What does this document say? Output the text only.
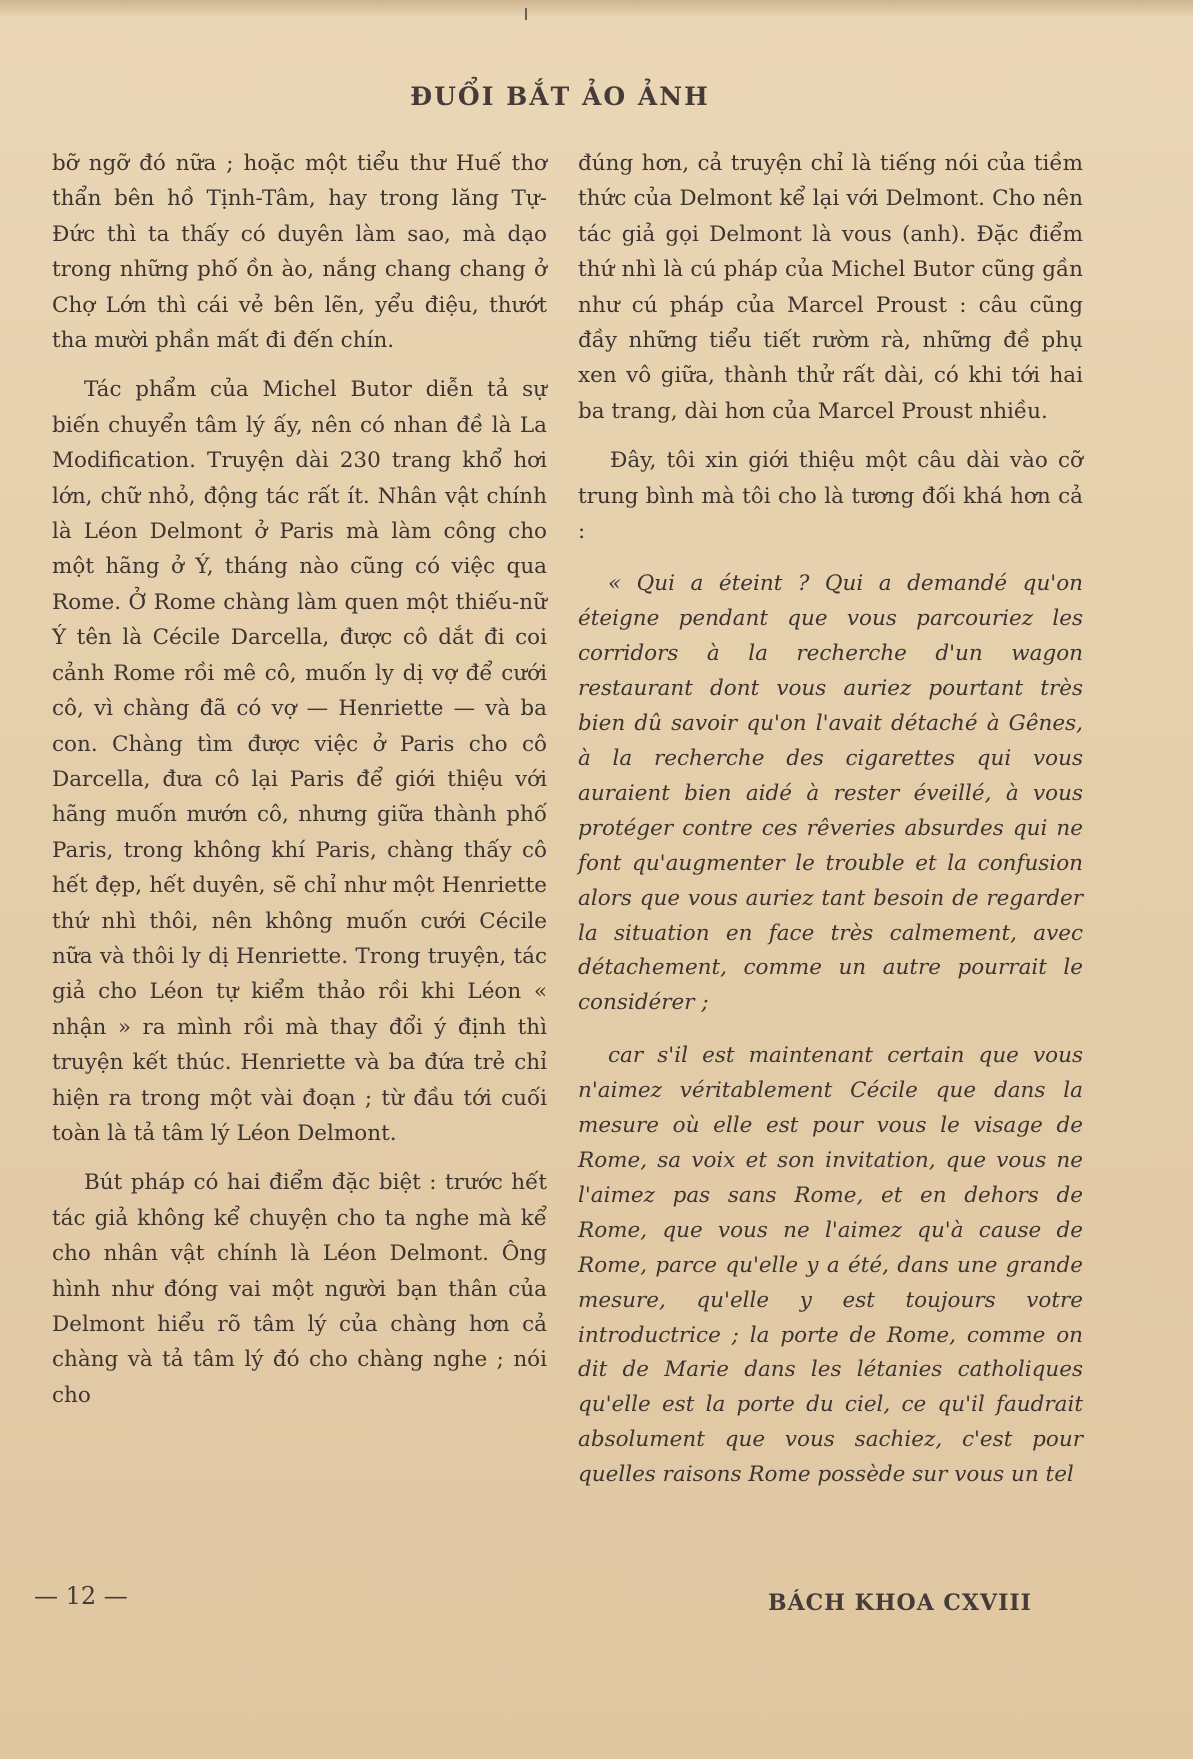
ĐUỔI BẮT ẢO ẢNH

bỡ ngỡ đó nữa ; hoặc một tiểu thư Huế thơ thẩn bên hồ Tịnh-Tâm, hay trong lăng Tự-Đức thì ta thấy có duyên làm sao, mà dạo trong những phố ồn ào, nắng chang chang ở Chợ Lớn thì cái vẻ bên lẽn, yểu điệu, thướt tha mười phần mất đi đến chín.

Tác phẩm của Michel Butor diễn tả sự biến chuyển tâm lý ấy, nên có nhan đề là La Modification. Truyện dài 230 trang khổ hơi lớn, chữ nhỏ, động tác rất ít. Nhân vật chính là Léon Delmont ở Paris mà làm công cho một hãng ở Ý, tháng nào cũng có việc qua Rome. Ở Rome chàng làm quen một thiếu-nữ Ý tên là Cécile Darcella, được cô dắt đi coi cảnh Rome rồi mê cô, muốn ly dị vợ để cưới cô, vì chàng đã có vợ — Henriette — và ba con. Chàng tìm được việc ở Paris cho cô Darcella, đưa cô lại Paris để giới thiệu với hãng muốn mướn cô, nhưng giữa thành phố Paris, trong không khí Paris, chàng thấy cô hết đẹp, hết duyên, sẽ chỉ như một Henriette thứ nhì thôi, nên không muốn cưới Cécile nữa và thôi ly dị Henriette. Trong truyện, tác giả cho Léon tự kiểm thảo rồi khi Léon « nhận » ra mình rồi mà thay đổi ý định thì truyện kết thúc. Henriette và ba đứa trẻ chỉ hiện ra trong một vài đoạn ; từ đầu tới cuối toàn là tả tâm lý Léon Delmont.

Bút pháp có hai điểm đặc biệt : trước hết tác giả không kể chuyện cho ta nghe mà kể cho nhân vật chính là Léon Delmont. Ông hình như đóng vai một người bạn thân của Delmont hiểu rõ tâm lý của chàng hơn cả chàng và tả tâm lý đó cho chàng nghe ; nói cho

đúng hơn, cả truyện chỉ là tiếng nói của tiềm thức của Delmont kể lại với Delmont. Cho nên tác giả gọi Delmont là vous (anh). Đặc điểm thứ nhì là cú pháp của Michel Butor cũng gần như cú pháp của Marcel Proust : câu cũng đầy những tiểu tiết rườm rà, những đề phụ xen vô giữa, thành thử rất dài, có khi tới hai ba trang, dài hơn của Marcel Proust nhiều.

Đây, tôi xin giới thiệu một câu dài vào cỡ trung bình mà tôi cho là tương đối khá hơn cả :

« Qui a éteint ? Qui a demandé qu'on éteigne pendant que vous parcouriez les corridors à la recherche d'un wagon restaurant dont vous auriez pourtant très bien dû savoir qu'on l'avait détaché à Gênes, à la recherche des cigarettes qui vous auraient bien aidé à rester éveillé, à vous protéger contre ces rêveries absurdes qui ne font qu'augmenter le trouble et la confusion alors que vous auriez tant besoin de regarder la situation en face très calmement, avec détachement, comme un autre pourrait le considérer ;

car s'il est maintenant certain que vous n'aimez véritablement Cécile que dans la mesure où elle est pour vous le visage de Rome, sa voix et son invitation, que vous ne l'aimez pas sans Rome, et en dehors de Rome, que vous ne l'aimez qu'à cause de Rome, parce qu'elle y a été, dans une grande mesure, qu'elle y est toujours votre introductrice ; la porte de Rome, comme on dit de Marie dans les létanies catholiques qu'elle est la porte du ciel, ce qu'il faudrait absolument que vous sachiez, c'est pour quelles raisons Rome possède sur vous un tel

— 12 —	BÁCH KHOA CXVIII
